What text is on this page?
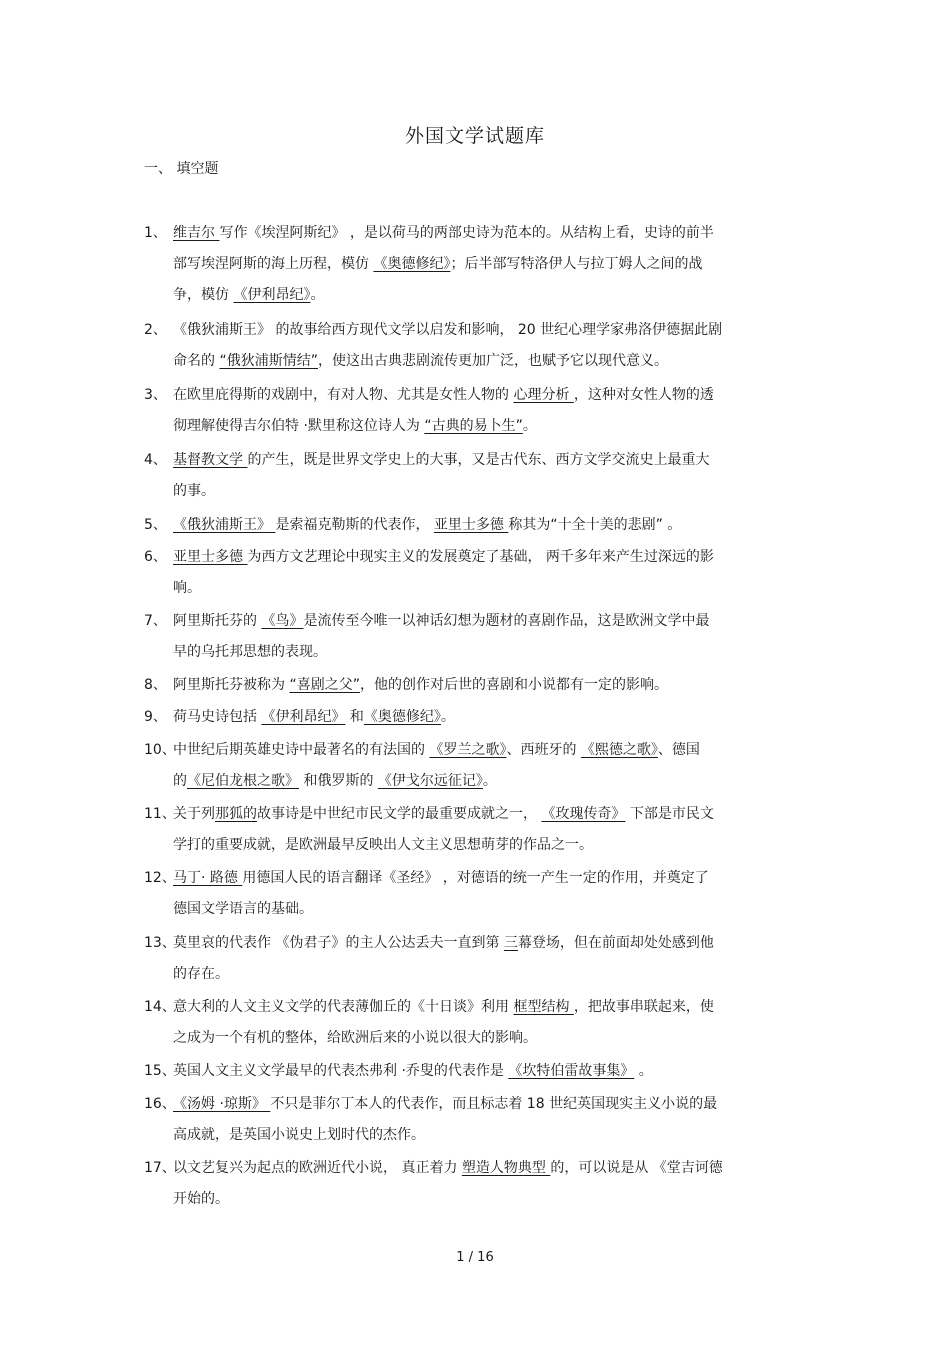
外国文学试题库
一、 填空题
1、 维吉尔 写作《埃涅阿斯纪》 ，是以荷马的两部史诗为范本的。从结构上看，史诗的前半
部写埃涅阿斯的海上历程，模仿 《奥德修纪》；后半部写特洛伊人与拉丁姆人之间的战
争，模仿 《伊利昂纪》。
2、 《俄狄浦斯王》 的故事给西方现代文学以启发和影响， 20 世纪心理学家弗洛伊德据此剧
命名的 “俄狄浦斯情结”，使这出古典悲剧流传更加广泛，也赋予它以现代意义。
3、 在欧里庇得斯的戏剧中，有对人物、尤其是女性人物的 心理分析 ，这种对女性人物的透
彻理解使得吉尔伯特 ·默里称这位诗人为 “古典的易卜生”。
4、 基督教文学 的产生，既是世界文学史上的大事，又是古代东、西方文学交流史上最重大
的事。
5、 《俄狄浦斯王》 是索福克勒斯的代表作， 亚里士多德 称其为“十全十美的悲剧” 。
6、 亚里士多德 为西方文艺理论中现实主义的发展奠定了基础， 两千多年来产生过深远的影
响。
7、 阿里斯托芬的 《鸟》是流传至今唯一以神话幻想为题材的喜剧作品，这是欧洲文学中最
早的乌托邦思想的表现。
8、 阿里斯托芬被称为 “喜剧之父”，他的创作对后世的喜剧和小说都有一定的影响。
9、 荷马史诗包括 《伊利昂纪》 和《奥德修纪》。
10、中世纪后期英雄史诗中最著名的有法国的 《罗兰之歌》、西班牙的 《熙德之歌》、德国
的《尼伯龙根之歌》 和俄罗斯的 《伊戈尔远征记》。
11、关于列那狐的故事诗是中世纪市民文学的最重要成就之一， 《玫瑰传奇》 下部是市民文
学打的重要成就，是欧洲最早反映出人文主义思想萌芽的作品之一。
12、马丁· 路德 用德国人民的语言翻译《圣经》 ，对德语的统一产生一定的作用，并奠定了
德国文学语言的基础。
13、莫里哀的代表作 《伪君子》的主人公达丢夫一直到第 三幕登场，但在前面却处处感到他
的存在。
14、意大利的人文主义文学的代表薄伽丘的《十日谈》利用 框型结构 ，把故事串联起来，使
之成为一个有机的整体，给欧洲后来的小说以很大的影响。
15、英国人文主义文学最早的代表杰弗利 ·乔叟的代表作是 《坎特伯雷故事集》 。
16、《汤姆 ·琼斯》 不只是菲尔丁本人的代表作，而且标志着 18 世纪英国现实主义小说的最
高成就，是英国小说史上划时代的杰作。
17、以文艺复兴为起点的欧洲近代小说， 真正着力 塑造人物典型 的，可以说是从 《堂吉诃德
开始的。
1 / 16
